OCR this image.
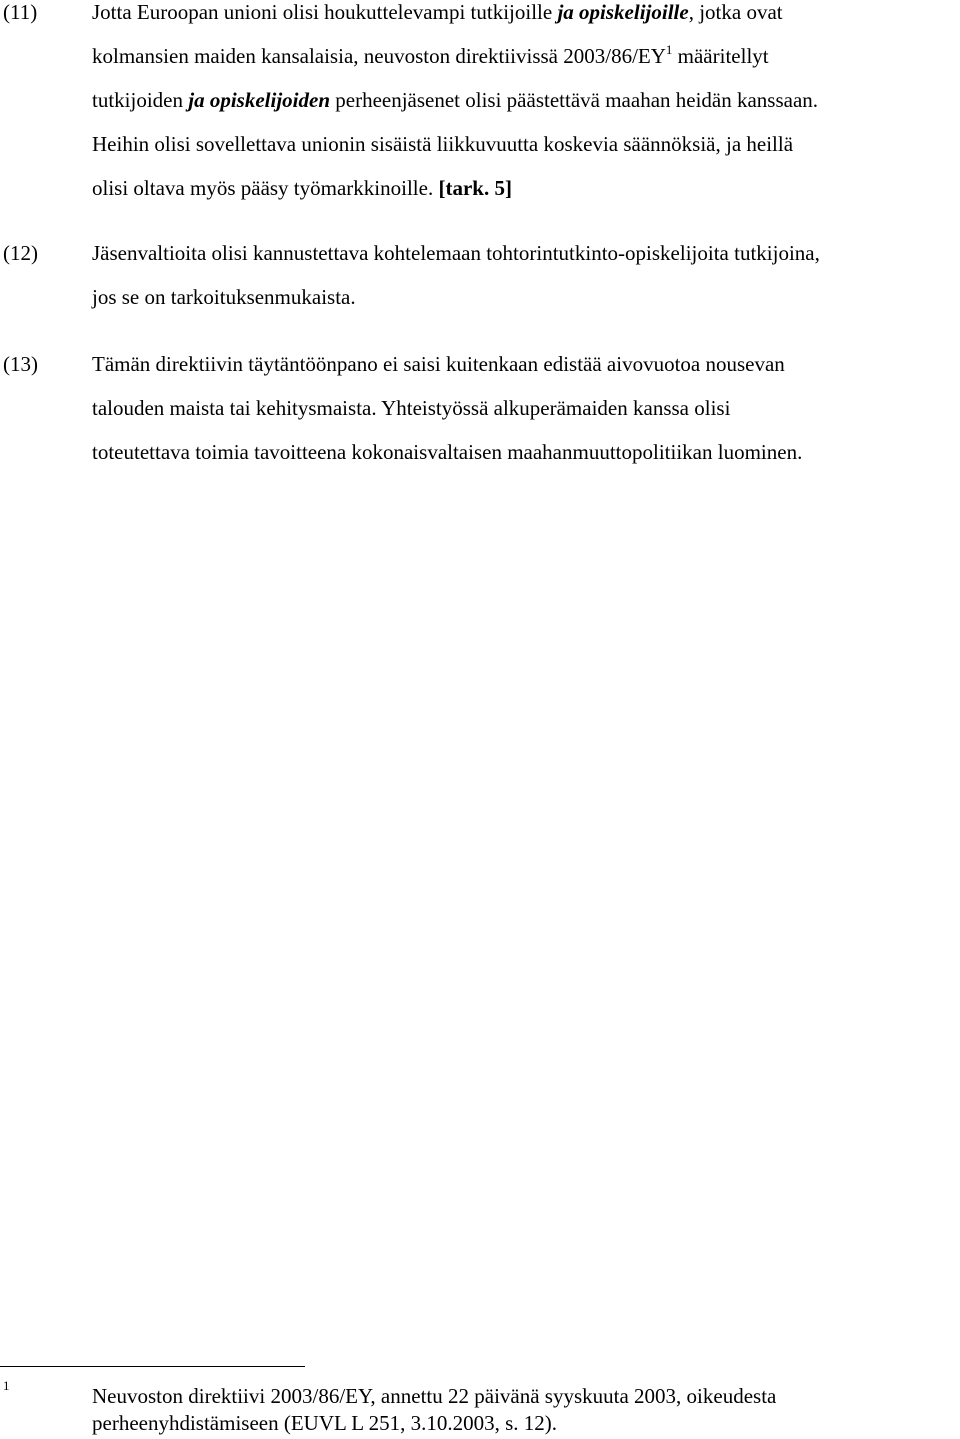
(11)	Jotta Euroopan unioni olisi houkuttelevampi tutkijoille ja opiskelijoille, jotka ovat
kolmansien maiden kansalaisia, neuvoston direktiivissä $2003/86/EY^1$ määritellyt
tutkijoiden ja opiskelijoiden perheenjäsenet olisi päästettävä maahan heidän kanssaan.
Heihin olisi sovellettava unionin sisäistä liikkuvuutta koskevia säännöksiä, ja heillä
olisi oltava myös pääsy työmarkkinoille. [tark. 5]
(12)	Jäsenvaltioita olisi kannustettava kohtelemaan tohtorintutkinto-opiskelijoita tutkijoina,
jos se on tarkoituksenmukaista.
(13)	Tämän direktiivin täytäntöönpano ei saisi kuitenkaan edistää aivovuotoa nousevan
talouden maista tai kehitysmaista. Yhteistyössä alkuperämaiden kanssa olisi
toteutettava toimia tavoitteena kokonaisvaltaisen maahanmuuttopolitiikan luominen.
1	Neuvoston direktiivi 2003/86/EY, annettu 22 päivänä syyskuuta 2003, oikeudesta
perheenyhdistämiseen (EUVL L 251, 3.10.2003, s. 12).
